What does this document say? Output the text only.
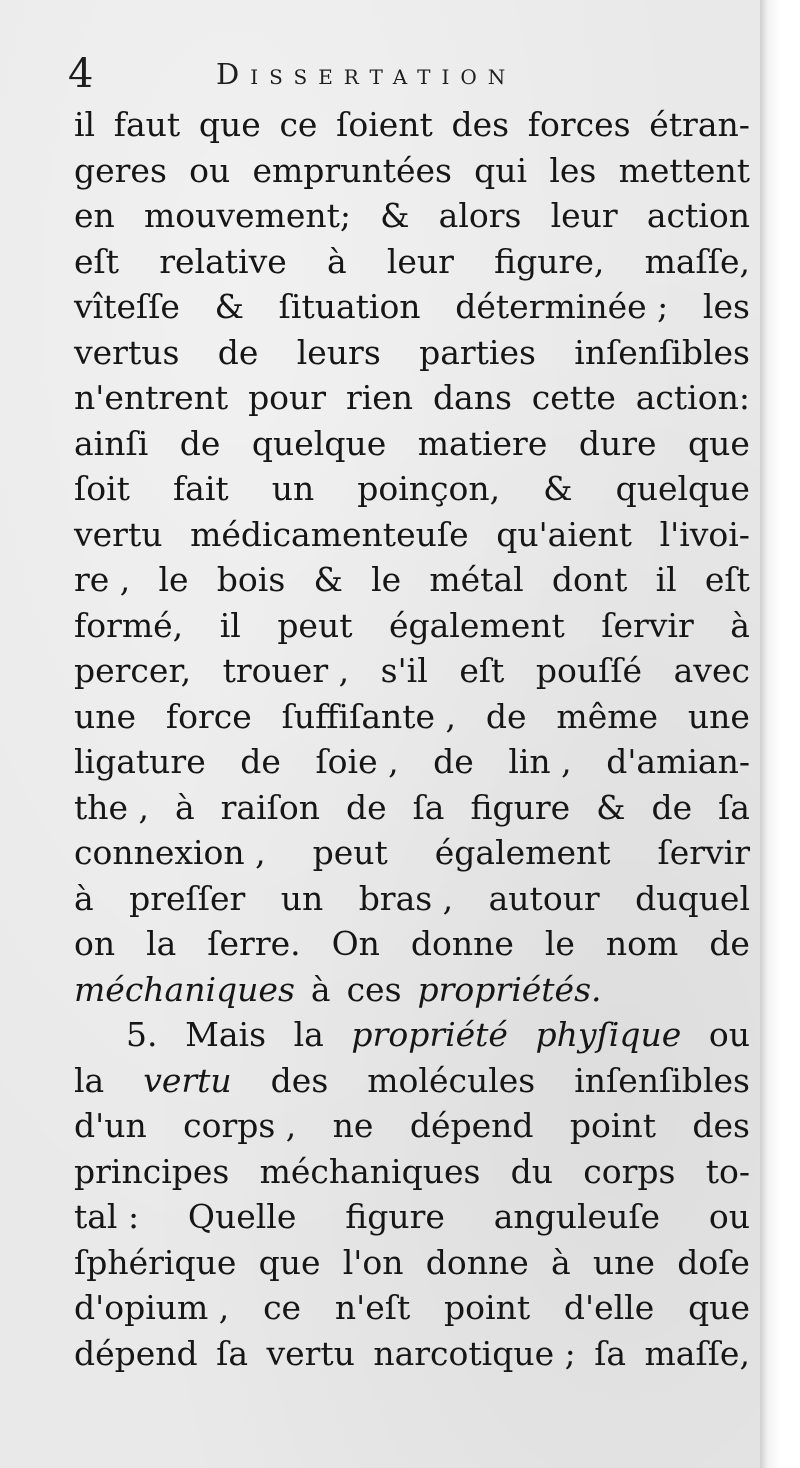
4	Dissertation
il faut que ce ſoient des forces étran-
geres ou empruntées qui les mettent
en mouvement; & alors leur action
eſt relative à leur figure, maſſe,
vîteſſe & ſituation déterminée ; les
vertus de leurs parties inſenſibles
n'entrent pour rien dans cette action:
ainſi de quelque matiere dure que
ſoit fait un poinçon, & quelque
vertu médicamenteuſe qu'aient l'ivoi-
re , le bois & le métal dont il eſt
formé, il peut également ſervir à
percer, trouer , s'il eſt pouſſé avec
une force ſuffiſante , de même une
ligature de ſoie , de lin , d'amian-
the , à raiſon de ſa figure & de ſa
connexion , peut également ſervir
à preſſer un bras , autour duquel
on la ſerre. On donne le nom de
méchaniques à ces propriétés.
5. Mais la propriété phyſique ou
la vertu des molécules inſenſibles
d'un corps , ne dépend point des
principes méchaniques du corps to-
tal : Quelle figure anguleuſe ou
ſphérique que l'on donne à une doſe
d'opium , ce n'eſt point d'elle que
dépend ſa vertu narcotique ; ſa maſſe,
